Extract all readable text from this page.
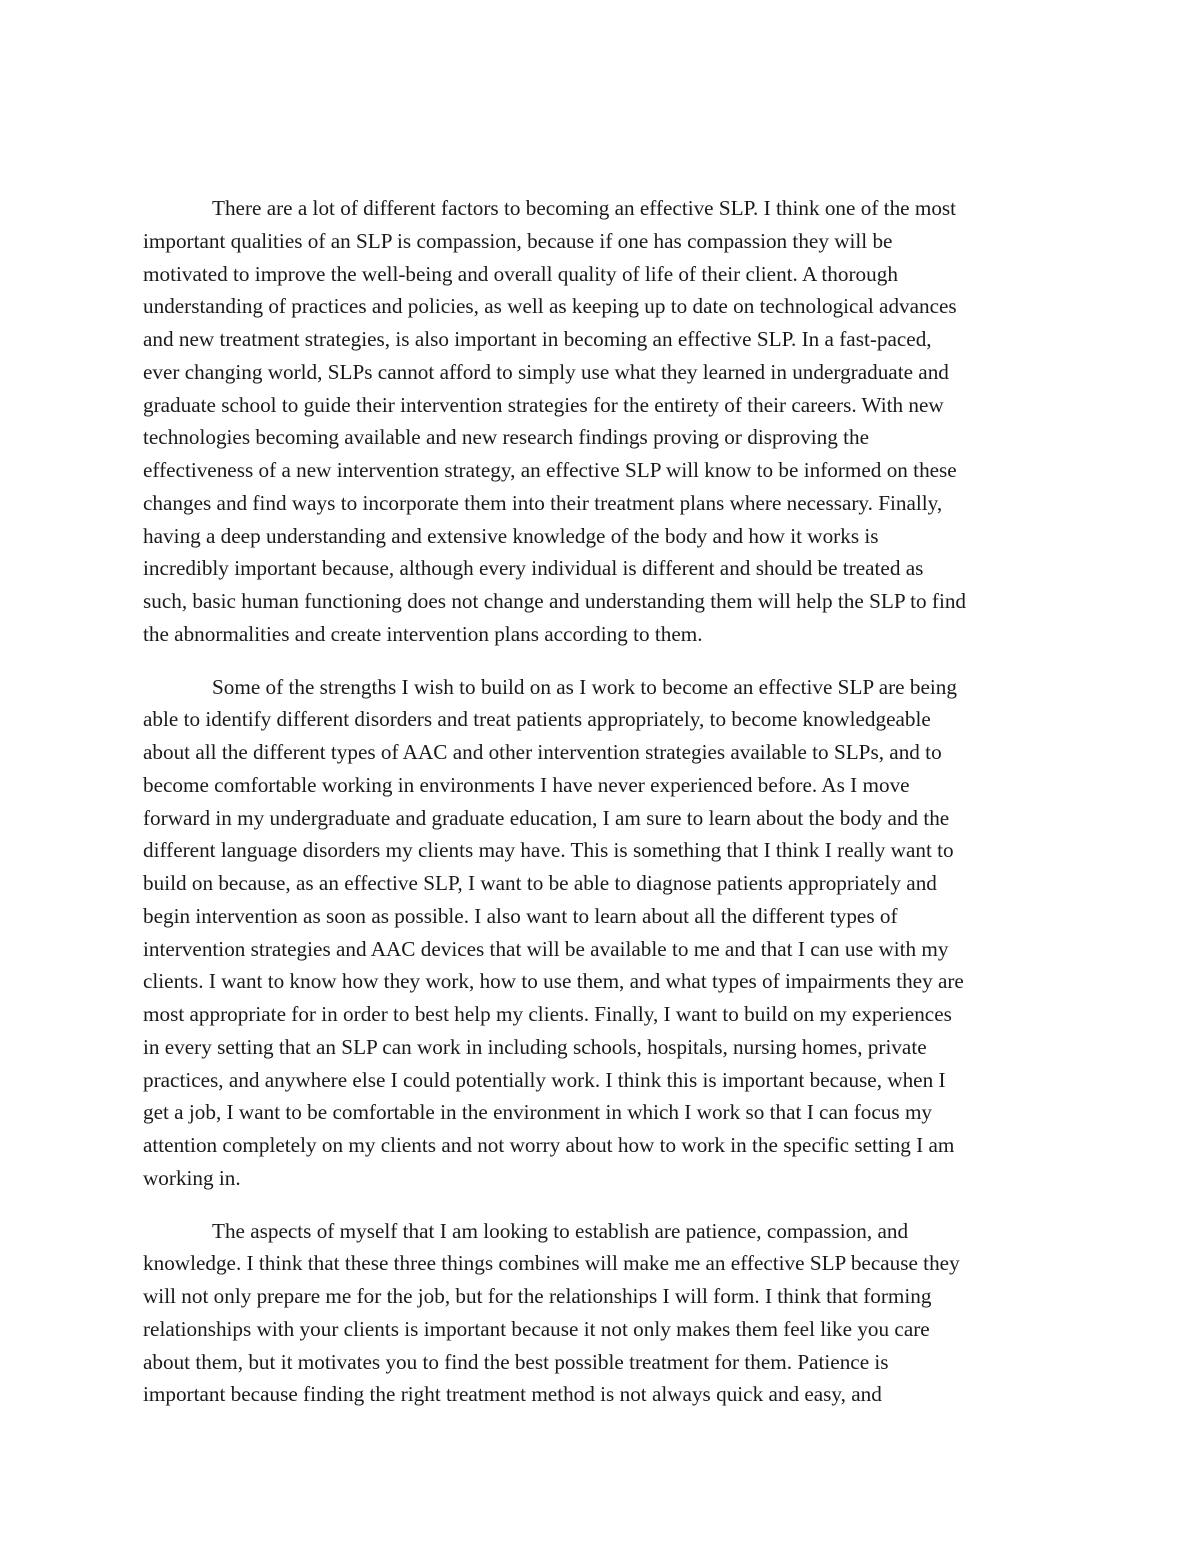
There are a lot of different factors to becoming an effective SLP. I think one of the most
important qualities of an SLP is compassion, because if one has compassion they will be
motivated to improve the well-being and overall quality of life of their client. A thorough
understanding of practices and policies, as well as keeping up to date on technological advances
and new treatment strategies, is also important in becoming an effective SLP. In a fast-paced,
ever changing world, SLPs cannot afford to simply use what they learned in undergraduate and
graduate school to guide their intervention strategies for the entirety of their careers. With new
technologies becoming available and new research findings proving or disproving the
effectiveness of a new intervention strategy, an effective SLP will know to be informed on these
changes and find ways to incorporate them into their treatment plans where necessary. Finally,
having a deep understanding and extensive knowledge of the body and how it works is
incredibly important because, although every individual is different and should be treated as
such, basic human functioning does not change and understanding them will help the SLP to find
the abnormalities and create intervention plans according to them.

Some of the strengths I wish to build on as I work to become an effective SLP are being
able to identify different disorders and treat patients appropriately, to become knowledgeable
about all the different types of AAC and other intervention strategies available to SLPs, and to
become comfortable working in environments I have never experienced before. As I move
forward in my undergraduate and graduate education, I am sure to learn about the body and the
different language disorders my clients may have. This is something that I think I really want to
build on because, as an effective SLP, I want to be able to diagnose patients appropriately and
begin intervention as soon as possible. I also want to learn about all the different types of
intervention strategies and AAC devices that will be available to me and that I can use with my
clients. I want to know how they work, how to use them, and what types of impairments they are
most appropriate for in order to best help my clients. Finally, I want to build on my experiences
in every setting that an SLP can work in including schools, hospitals, nursing homes, private
practices, and anywhere else I could potentially work. I think this is important because, when I
get a job, I want to be comfortable in the environment in which I work so that I can focus my
attention completely on my clients and not worry about how to work in the specific setting I am
working in.

The aspects of myself that I am looking to establish are patience, compassion, and
knowledge. I think that these three things combines will make me an effective SLP because they
will not only prepare me for the job, but for the relationships I will form. I think that forming
relationships with your clients is important because it not only makes them feel like you care
about them, but it motivates you to find the best possible treatment for them. Patience is
important because finding the right treatment method is not always quick and easy, and
